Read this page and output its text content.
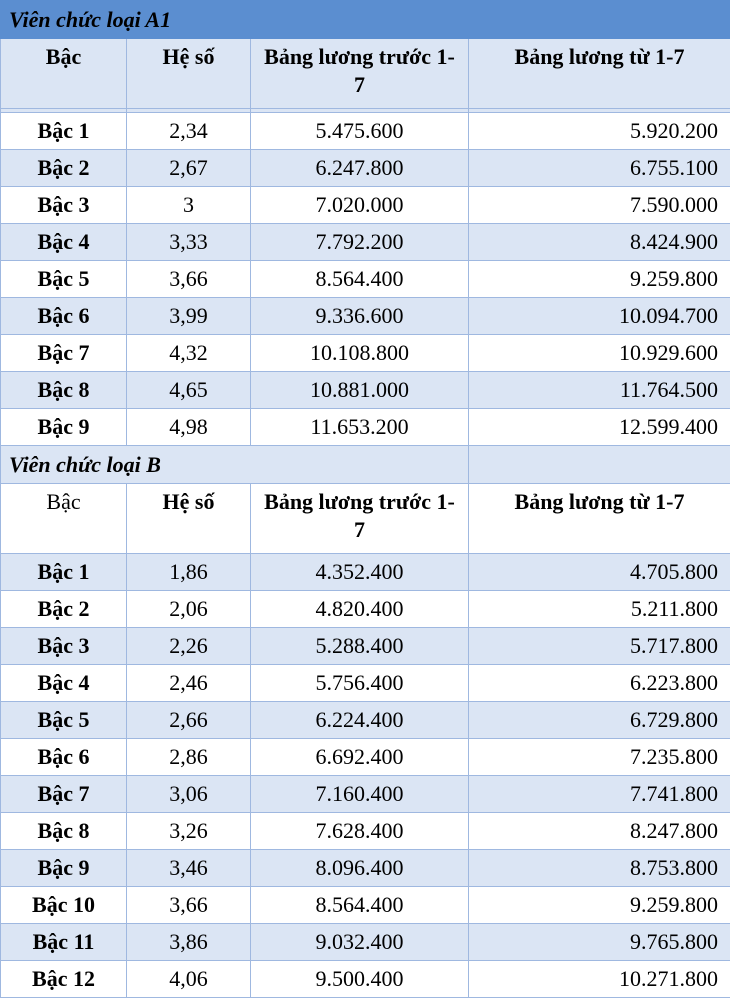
Viên chức loại A1			
Bậc	Hệ số	Bảng lương trước 1-7	Bảng lương từ 1-7

Bậc 1	2,34	5.475.600	5.920.200
Bậc 2	2,67	6.247.800	6.755.100
Bậc 3	3	7.020.000	7.590.000
Bậc 4	3,33	7.792.200	8.424.900
Bậc 5	3,66	8.564.400	9.259.800
Bậc 6	3,99	9.336.600	10.094.700
Bậc 7	4,32	10.108.800	10.929.600
Bậc 8	4,65	10.881.000	11.764.500
Bậc 9	4,98	11.653.200	12.599.400
Viên chức loại B			
Bậc	Hệ số	Bảng lương trước 1-7	Bảng lương từ 1-7
Bậc 1	1,86	4.352.400	4.705.800
Bậc 2	2,06	4.820.400	5.211.800
Bậc 3	2,26	5.288.400	5.717.800
Bậc 4	2,46	5.756.400	6.223.800
Bậc 5	2,66	6.224.400	6.729.800
Bậc 6	2,86	6.692.400	7.235.800
Bậc 7	3,06	7.160.400	7.741.800
Bậc 8	3,26	7.628.400	8.247.800
Bậc 9	3,46	8.096.400	8.753.800
Bậc 10	3,66	8.564.400	9.259.800
Bậc 11	3,86	9.032.400	9.765.800
Bậc 12	4,06	9.500.400	10.271.800
